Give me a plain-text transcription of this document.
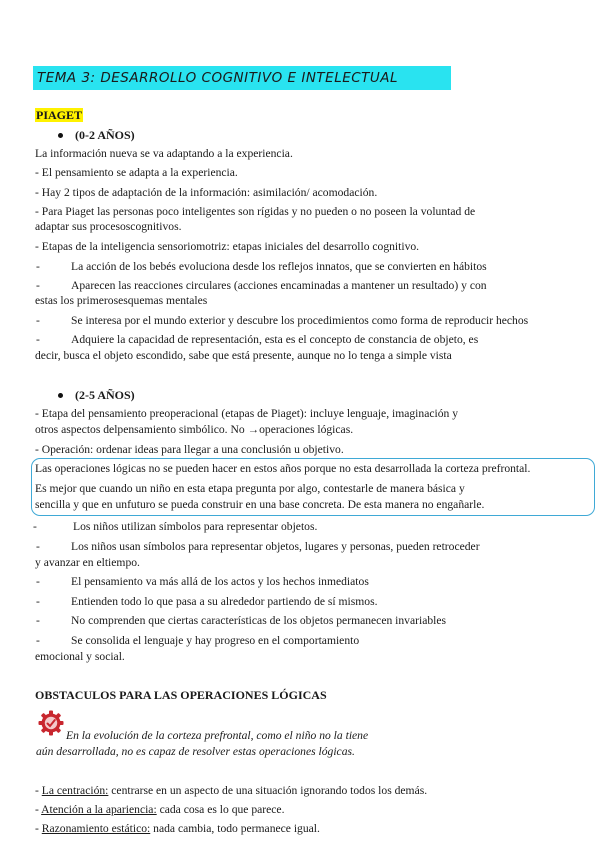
TEMA 3: DESARROLLO COGNITIVO E INTELECTUAL
PIAGET
(0-2 AÑOS)
La información nueva se va adaptando a la experiencia.
- El pensamiento se adapta a la experiencia.
- Hay 2 tipos de adaptación de la información: asimilación/ acomodación.
- Para Piaget las personas poco inteligentes son rígidas y no pueden o no poseen la voluntad de
adaptar sus procesoscognitivos.
- Etapas de la inteligencia sensoriomotriz: etapas iniciales del desarrollo cognitivo.
-	La acción de los bebés evoluciona desde los reflejos innatos, que se convierten en hábitos
-	Aparecen las reacciones circulares (acciones encaminadas a mantener un resultado) y con
estas los primerosesquemas mentales
-	Se interesa por el mundo exterior y descubre los procedimientos como forma de reproducir hechos
-	Adquiere la capacidad de representación, esta es el concepto de constancia de objeto, es
decir, busca el objeto escondido, sabe que está presente, aunque no lo tenga a simple vista
(2-5 AÑOS)
- Etapa del pensamiento preoperacional (etapas de Piaget): incluye lenguaje, imaginación y
otros aspectos delpensamiento simbólico. No →operaciones lógicas.
- Operación: ordenar ideas para llegar a una conclusión u objetivo.
Las operaciones lógicas no se pueden hacer en estos años porque no esta desarrollada la corteza prefrontal.
Es mejor que cuando un niño en esta etapa pregunta por algo, contestarle de manera básica y
sencilla y que en unfuturo se pueda construir en una base concreta. De esta manera no engañarle.
-	Los niños utilizan símbolos para representar objetos.
-	Los niños usan símbolos para representar objetos, lugares y personas, pueden retroceder
y avanzar en eltiempo.
-	El pensamiento va más allá de los actos y los hechos inmediatos
-	Entienden todo lo que pasa a su alrededor partiendo de sí mismos.
-	No comprenden que ciertas características de los objetos permanecen invariables
-	Se consolida el lenguaje y hay progreso en el comportamiento
emocional y social.
OBSTACULOS PARA LAS OPERACIONES LÓGICAS
En la evolución de la corteza prefrontal, como el niño no la tiene
aún desarrollada, no es capaz de resolver estas operaciones lógicas.
- La centración: centrarse en un aspecto de una situación ignorando todos los demás.
- Atención a la apariencia: cada cosa es lo que parece.
- Razonamiento estático: nada cambia, todo permanece igual.
